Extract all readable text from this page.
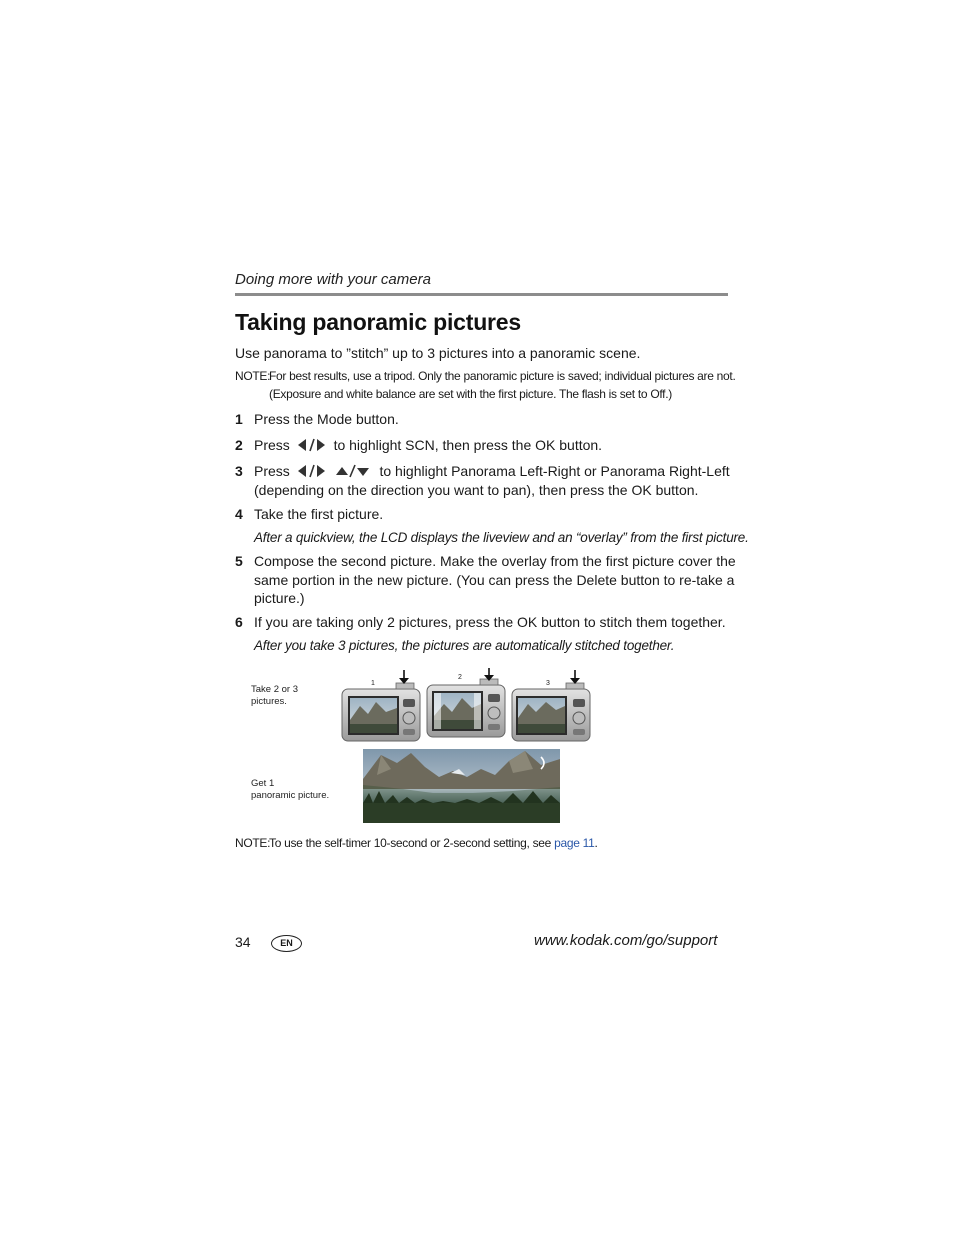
Doing more with your camera
Taking panoramic pictures
Use panorama to ”stitch” up to 3 pictures into a panoramic scene.
NOTE:
For best results, use a tripod. Only the panoramic picture is saved; individual pictures are not.
(Exposure and white balance are set with the first picture. The flash is set to Off.)
1 Press the Mode button.
2 Press	to highlight SCN, then press the OK button.
3 Press	to highlight Panorama Left-Right or Panorama Right-Left
(depending on the direction you want to pan), then press the OK button.
4 Take the first picture.
After a quickview, the LCD displays the liveview and an “overlay” from the first picture.
5 Compose the second picture. Make the overlay from the first picture cover the
same portion in the new picture. (You can press the Delete button to re-take a
picture.)
6 If you are taking only 2 pictures, press the OK button to stitch them together.
After you take 3 pictures, the pictures are automatically stitched together.
Take 2 or 3
pictures.
Get 1
panoramic picture.
1
2
3
NOTE:
To use the self-timer 10-second or 2-second setting, see page 11.
34	EN	www.kodak.com/go/support
